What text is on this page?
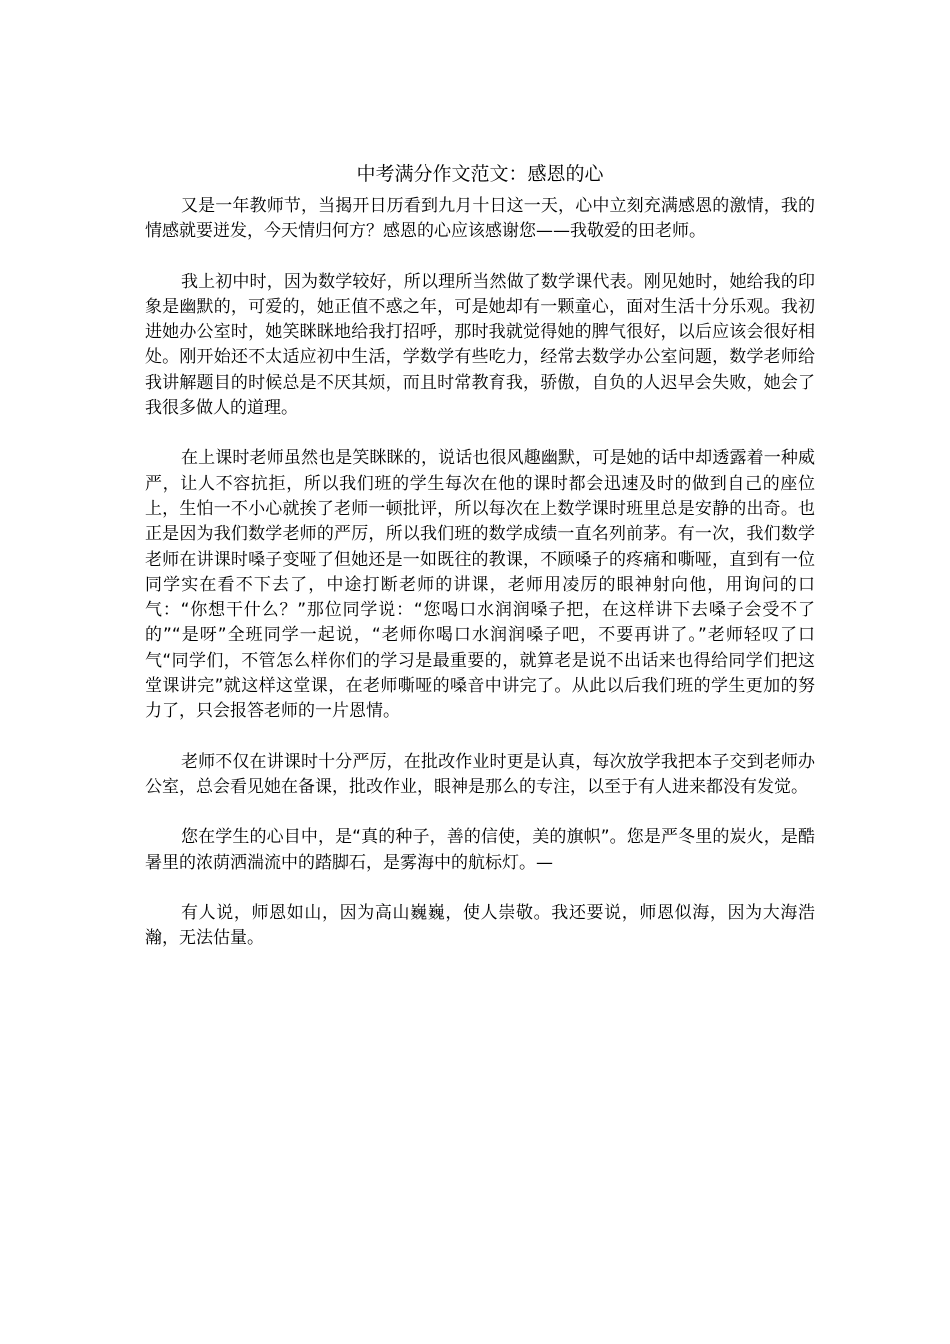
中考满分作文范文：感恩的心

又是一年教师节，当揭开日历看到九月十日这一天，心中立刻充满感恩的激情，我的情感就要迸发，今天情归何方？感恩的心应该感谢您——我敬爱的田老师。

我上初中时，因为数学较好，所以理所当然做了数学课代表。刚见她时，她给我的印象是幽默的，可爱的，她正值不惑之年，可是她却有一颗童心，面对生活十分乐观。我初进她办公室时，她笑眯眯地给我打招呼，那时我就觉得她的脾气很好，以后应该会很好相处。刚开始还不太适应初中生活，学数学有些吃力，经常去数学办公室问题，数学老师给我讲解题目的时候总是不厌其烦，而且时常教育我，骄傲，自负的人迟早会失败，她会了我很多做人的道理。

在上课时老师虽然也是笑眯眯的，说话也很风趣幽默，可是她的话中却透露着一种威严，让人不容抗拒，所以我们班的学生每次在他的课时都会迅速及时的做到自己的座位上，生怕一不小心就挨了老师一顿批评，所以每次在上数学课时班里总是安静的出奇。也正是因为我们数学老师的严厉，所以我们班的数学成绩一直名列前茅。有一次，我们数学老师在讲课时嗓子变哑了但她还是一如既往的教课，不顾嗓子的疼痛和嘶哑，直到有一位同学实在看不下去了，中途打断老师的讲课，老师用凌厉的眼神射向他，用询问的口气：“你想干什么？”那位同学说：“您喝口水润润嗓子把，在这样讲下去嗓子会受不了的”“是呀”全班同学一起说，“老师你喝口水润润嗓子吧，不要再讲了。”老师轻叹了口气“同学们，不管怎么样你们的学习是最重要的，就算老是说不出话来也得给同学们把这堂课讲完”就这样这堂课，在老师嘶哑的嗓音中讲完了。从此以后我们班的学生更加的努力了，只会报答老师的一片恩情。

老师不仅在讲课时十分严厉，在批改作业时更是认真，每次放学我把本子交到老师办公室，总会看见她在备课，批改作业，眼神是那么的专注，以至于有人进来都没有发觉。

您在学生的心目中，是“真的种子，善的信使，美的旗帜”。您是严冬里的炭火，是酷暑里的浓荫洒湍流中的踏脚石，是雾海中的航标灯。—

有人说，师恩如山，因为高山巍巍，使人崇敬。我还要说，师恩似海，因为大海浩瀚，无法估量。
